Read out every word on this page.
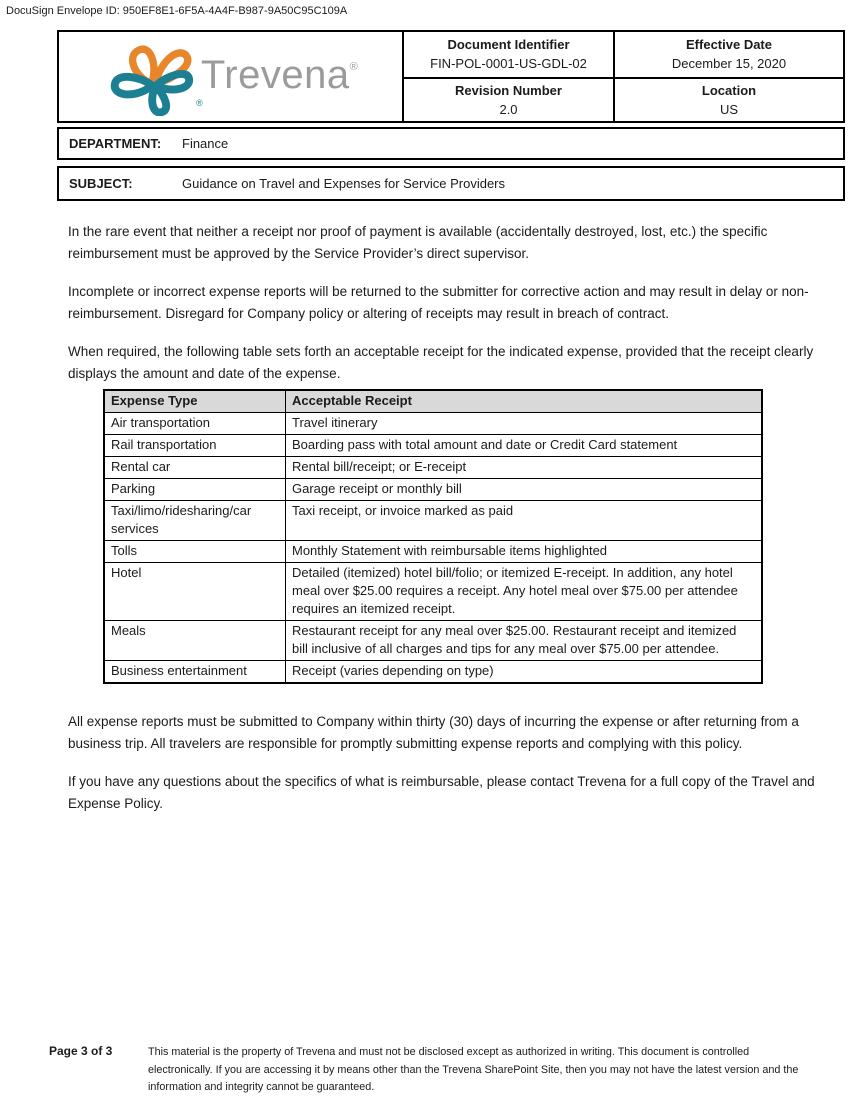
DocuSign Envelope ID: 950EF8E1-6F5A-4A4F-B987-9A50C95C109A
®
Trevena®
Document Identifier
FIN-POL-0001-US-GDL-02
Effective Date
December 15, 2020
Revision Number
2.0
Location
US
DEPARTMENT:	Finance
SUBJECT:	Guidance on Travel and Expenses for Service Providers

In the rare event that neither a receipt nor proof of payment is available (accidentally destroyed, lost, etc.) the specific reimbursement must be approved by the Service Provider’s direct supervisor.

Incomplete or incorrect expense reports will be returned to the submitter for corrective action and may result in delay or non-reimbursement. Disregard for Company policy or altering of receipts may result in breach of contract.

When required, the following table sets forth an acceptable receipt for the indicated expense, provided that the receipt clearly displays the amount and date of the expense.

Expense Type	Acceptable Receipt
Air transportation	Travel itinerary
Rail transportation	Boarding pass with total amount and date or Credit Card statement
Rental car	Rental bill/receipt; or E-receipt
Parking	Garage receipt or monthly bill
Taxi/limo/ridesharing/car services	Taxi receipt, or invoice marked as paid
Tolls	Monthly Statement with reimbursable items highlighted
Hotel	Detailed (itemized) hotel bill/folio; or itemized E-receipt. In addition, any hotel meal over $25.00 requires a receipt. Any hotel meal over $75.00 per attendee requires an itemized receipt.
Meals	Restaurant receipt for any meal over $25.00. Restaurant receipt and itemized bill inclusive of all charges and tips for any meal over $75.00 per attendee.
Business entertainment	Receipt (varies depending on type)

All expense reports must be submitted to Company within thirty (30) days of incurring the expense or after returning from a business trip. All travelers are responsible for promptly submitting expense reports and complying with this policy.

If you have any questions about the specifics of what is reimbursable, please contact Trevena for a full copy of the Travel and Expense Policy.

Page 3 of 3	This material is the property of Trevena and must not be disclosed except as authorized in writing. This document is controlled electronically. If you are accessing it by means other than the Trevena SharePoint Site, then you may not have the latest version and the information and integrity cannot be guaranteed.
